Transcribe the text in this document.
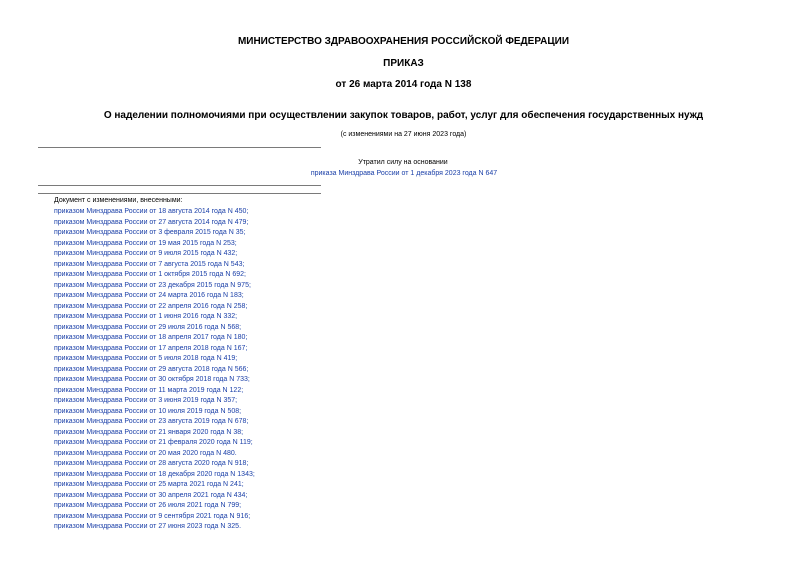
МИНИСТЕРСТВО ЗДРАВООХРАНЕНИЯ РОССИЙСКОЙ ФЕДЕРАЦИИ
ПРИКАЗ
от 26 марта 2014 года N 138
О наделении полномочиями при осуществлении закупок товаров, работ, услуг для обеспечения государственных нужд
(с изменениями на 27 июня 2023 года)
Утратил силу на основании
приказа Минздрава России от 1 декабря 2023 года N 647
Документ с изменениями, внесенными:
приказом Минздрава России от 18 августа 2014 года N 450;
приказом Минздрава России от 27 августа 2014 года N 479;
приказом Минздрава России от 3 февраля 2015 года N 35;
приказом Минздрава России от 19 мая 2015 года N 253;
приказом Минздрава России от 9 июля 2015 года N 432;
приказом Минздрава России от 7 августа 2015 года N 543;
приказом Минздрава России от 1 октября 2015 года N 692;
приказом Минздрава России от 23 декабря 2015 года N 975;
приказом Минздрава России от 24 марта 2016 года N 183;
приказом Минздрава России от 22 апреля 2016 года N 258;
приказом Минздрава России от 1 июня 2016 года N 332;
приказом Минздрава России от 29 июля 2016 года N 568;
приказом Минздрава России от 18 апреля 2017 года N 180;
приказом Минздрава России от 17 апреля 2018 года N 167;
приказом Минздрава России от 5 июля 2018 года N 419;
приказом Минздрава России от 29 августа 2018 года N 566;
приказом Минздрава России от 30 октября 2018 года N 733;
приказом Минздрава России от 11 марта 2019 года N 122;
приказом Минздрава России от 3 июня 2019 года N 357;
приказом Минздрава России от 10 июля 2019 года N 508;
приказом Минздрава России от 23 августа 2019 года N 678;
приказом Минздрава России от 21 января 2020 года N 38;
приказом Минздрава России от 21 февраля 2020 года N 119;
приказом Минздрава России от 20 мая 2020 года N 480.
приказом Минздрава России от 28 августа 2020 года N 918;
приказом Минздрава России от 18 декабря 2020 года N 1343;
приказом Минздрава России от 25 марта 2021 года N 241;
приказом Минздрава России от 30 апреля 2021 года N 434;
приказом Минздрава России от 26 июля 2021 года N 799;
приказом Минздрава России от 9 сентября 2021 года N 916;
приказом Минздрава России от 27 июня 2023 года N 325.
